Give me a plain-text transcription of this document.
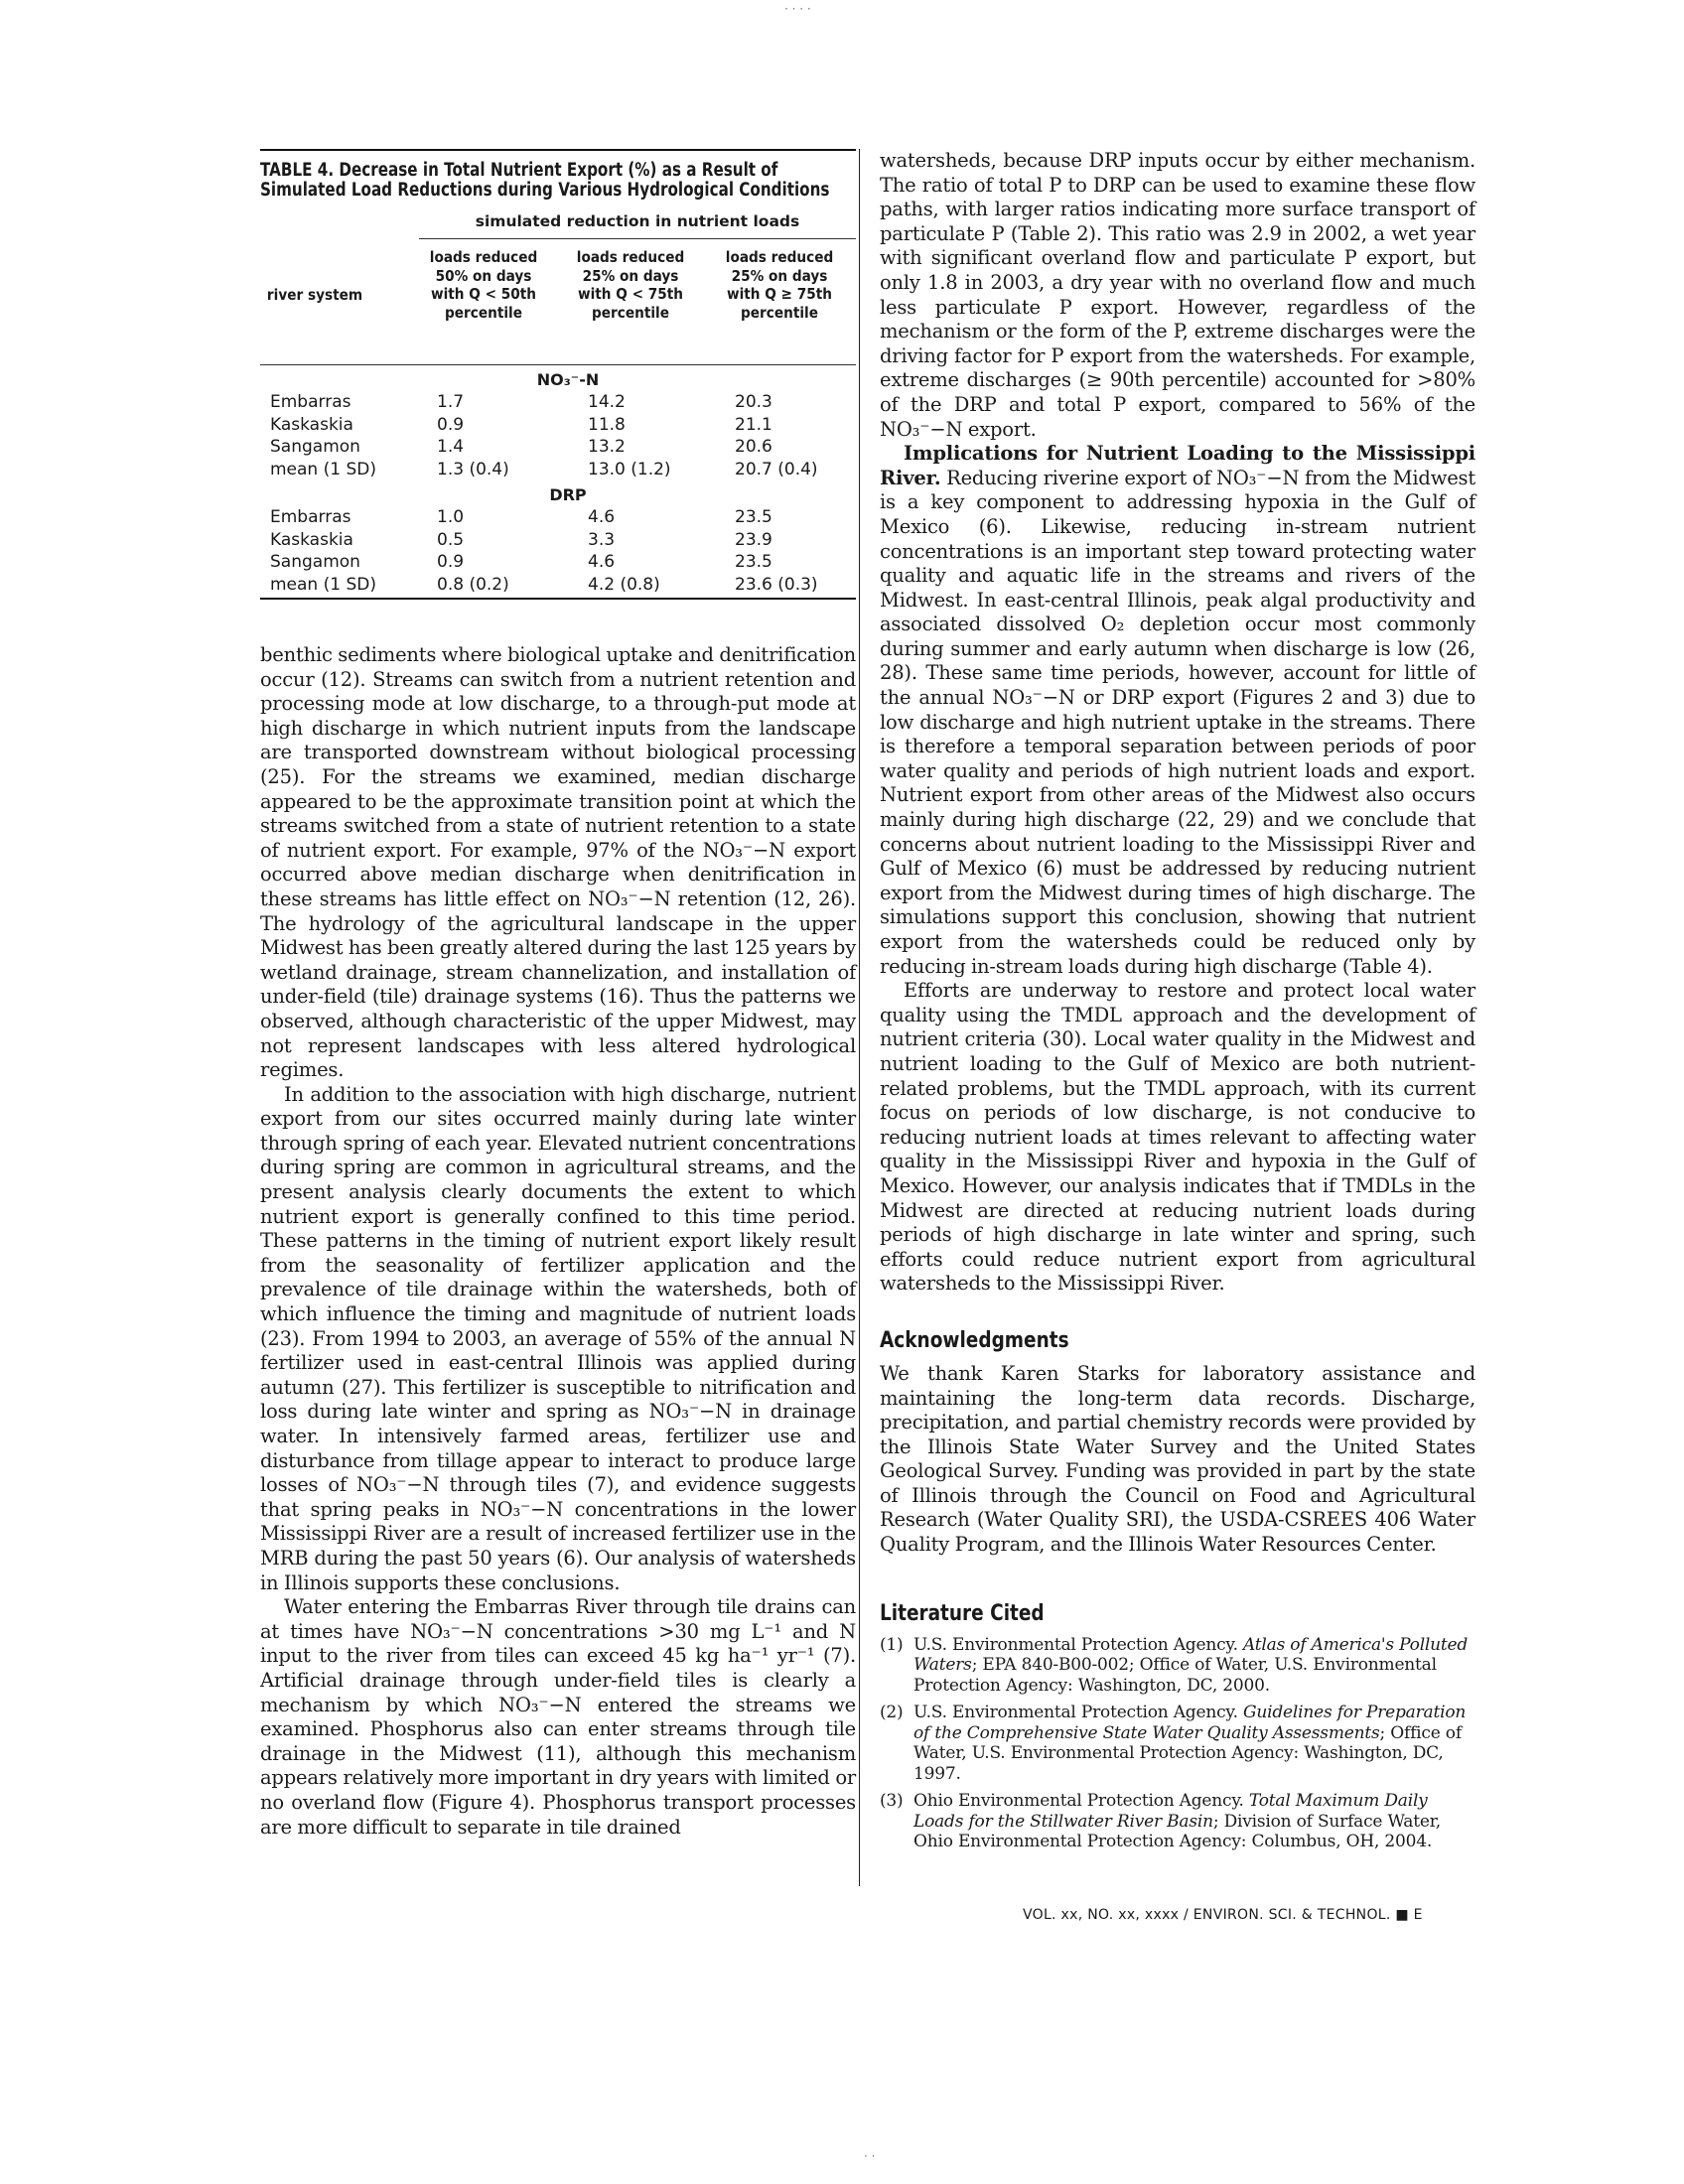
· · · ·
· ·
TABLE 4. Decrease in Total Nutrient Export (%) as a Result of Simulated Load Reductions during Various Hydrological Conditions
simulated reduction in nutrient loads
river system
loads reduced 50% on days with Q < 50th percentile
loads reduced 25% on days with Q < 75th percentile
loads reduced 25% on days with Q ≥ 75th percentile
NO₃⁻-N
Embarras	1.7	14.2	20.3
Kaskaskia	0.9	11.8	21.1
Sangamon	1.4	13.2	20.6
mean (1 SD)	1.3 (0.4)	13.0 (1.2)	20.7 (0.4)
DRP
Embarras	1.0	4.6	23.5
Kaskaskia	0.5	3.3	23.9
Sangamon	0.9	4.6	23.5
mean (1 SD)	0.8 (0.2)	4.2 (0.8)	23.6 (0.3)

benthic sediments where biological uptake and denitrification occur (12). Streams can switch from a nutrient retention and processing mode at low discharge, to a through-put mode at high discharge in which nutrient inputs from the landscape are transported downstream without biological processing (25). For the streams we examined, median discharge appeared to be the approximate transition point at which the streams switched from a state of nutrient retention to a state of nutrient export. For example, 97% of the NO₃⁻−N export occurred above median discharge when denitrification in these streams has little effect on NO₃⁻−N retention (12, 26). The hydrology of the agricultural landscape in the upper Midwest has been greatly altered during the last 125 years by wetland drainage, stream channelization, and installation of under-field (tile) drainage systems (16). Thus the patterns we observed, although characteristic of the upper Midwest, may not represent landscapes with less altered hydrological regimes.

In addition to the association with high discharge, nutrient export from our sites occurred mainly during late winter through spring of each year. Elevated nutrient concentrations during spring are common in agricultural streams, and the present analysis clearly documents the extent to which nutrient export is generally confined to this time period. These patterns in the timing of nutrient export likely result from the seasonality of fertilizer application and the prevalence of tile drainage within the watersheds, both of which influence the timing and magnitude of nutrient loads (23). From 1994 to 2003, an average of 55% of the annual N fertilizer used in east-central Illinois was applied during autumn (27). This fertilizer is susceptible to nitrification and loss during late winter and spring as NO₃⁻−N in drainage water. In intensively farmed areas, fertilizer use and disturbance from tillage appear to interact to produce large losses of NO₃⁻−N through tiles (7), and evidence suggests that spring peaks in NO₃⁻−N concentrations in the lower Mississippi River are a result of increased fertilizer use in the MRB during the past 50 years (6). Our analysis of watersheds in Illinois supports these conclusions.

Water entering the Embarras River through tile drains can at times have NO₃⁻−N concentrations >30 mg L⁻¹ and N input to the river from tiles can exceed 45 kg ha⁻¹ yr⁻¹ (7). Artificial drainage through under-field tiles is clearly a mechanism by which NO₃⁻−N entered the streams we examined. Phosphorus also can enter streams through tile drainage in the Midwest (11), although this mechanism appears relatively more important in dry years with limited or no overland flow (Figure 4). Phosphorus transport processes are more difficult to separate in tile drained

watersheds, because DRP inputs occur by either mechanism. The ratio of total P to DRP can be used to examine these flow paths, with larger ratios indicating more surface transport of particulate P (Table 2). This ratio was 2.9 in 2002, a wet year with significant overland flow and particulate P export, but only 1.8 in 2003, a dry year with no overland flow and much less particulate P export. However, regardless of the mechanism or the form of the P, extreme discharges were the driving factor for P export from the watersheds. For example, extreme discharges (≥ 90th percentile) accounted for >80% of the DRP and total P export, compared to 56% of the NO₃⁻−N export.

Implications for Nutrient Loading to the Mississippi River. Reducing riverine export of NO₃⁻−N from the Midwest is a key component to addressing hypoxia in the Gulf of Mexico (6). Likewise, reducing in-stream nutrient concentrations is an important step toward protecting water quality and aquatic life in the streams and rivers of the Midwest. In east-central Illinois, peak algal productivity and associated dissolved O₂ depletion occur most commonly during summer and early autumn when discharge is low (26, 28). These same time periods, however, account for little of the annual NO₃⁻−N or DRP export (Figures 2 and 3) due to low discharge and high nutrient uptake in the streams. There is therefore a temporal separation between periods of poor water quality and periods of high nutrient loads and export. Nutrient export from other areas of the Midwest also occurs mainly during high discharge (22, 29) and we conclude that concerns about nutrient loading to the Mississippi River and Gulf of Mexico (6) must be addressed by reducing nutrient export from the Midwest during times of high discharge. The simulations support this conclusion, showing that nutrient export from the watersheds could be reduced only by reducing in-stream loads during high discharge (Table 4).

Efforts are underway to restore and protect local water quality using the TMDL approach and the development of nutrient criteria (30). Local water quality in the Midwest and nutrient loading to the Gulf of Mexico are both nutrient-related problems, but the TMDL approach, with its current focus on periods of low discharge, is not conducive to reducing nutrient loads at times relevant to affecting water quality in the Mississippi River and hypoxia in the Gulf of Mexico. However, our analysis indicates that if TMDLs in the Midwest are directed at reducing nutrient loads during periods of high discharge in late winter and spring, such efforts could reduce nutrient export from agricultural watersheds to the Mississippi River.

Acknowledgments

We thank Karen Starks for laboratory assistance and maintaining the long-term data records. Discharge, precipitation, and partial chemistry records were provided by the Illinois State Water Survey and the United States Geological Survey. Funding was provided in part by the state of Illinois through the Council on Food and Agricultural Research (Water Quality SRI), the USDA-CSREES 406 Water Quality Program, and the Illinois Water Resources Center.

Literature Cited
(1) U.S. Environmental Protection Agency. Atlas of America's Polluted Waters; EPA 840-B00-002; Office of Water, U.S. Environmental Protection Agency: Washington, DC, 2000.
(2) U.S. Environmental Protection Agency. Guidelines for Preparation of the Comprehensive State Water Quality Assessments; Office of Water, U.S. Environmental Protection Agency: Washington, DC, 1997.
(3) Ohio Environmental Protection Agency. Total Maximum Daily Loads for the Stillwater River Basin; Division of Surface Water, Ohio Environmental Protection Agency: Columbus, OH, 2004.
VOL. xx, NO. xx, xxxx / ENVIRON. SCI. & TECHNOL. ■ E
